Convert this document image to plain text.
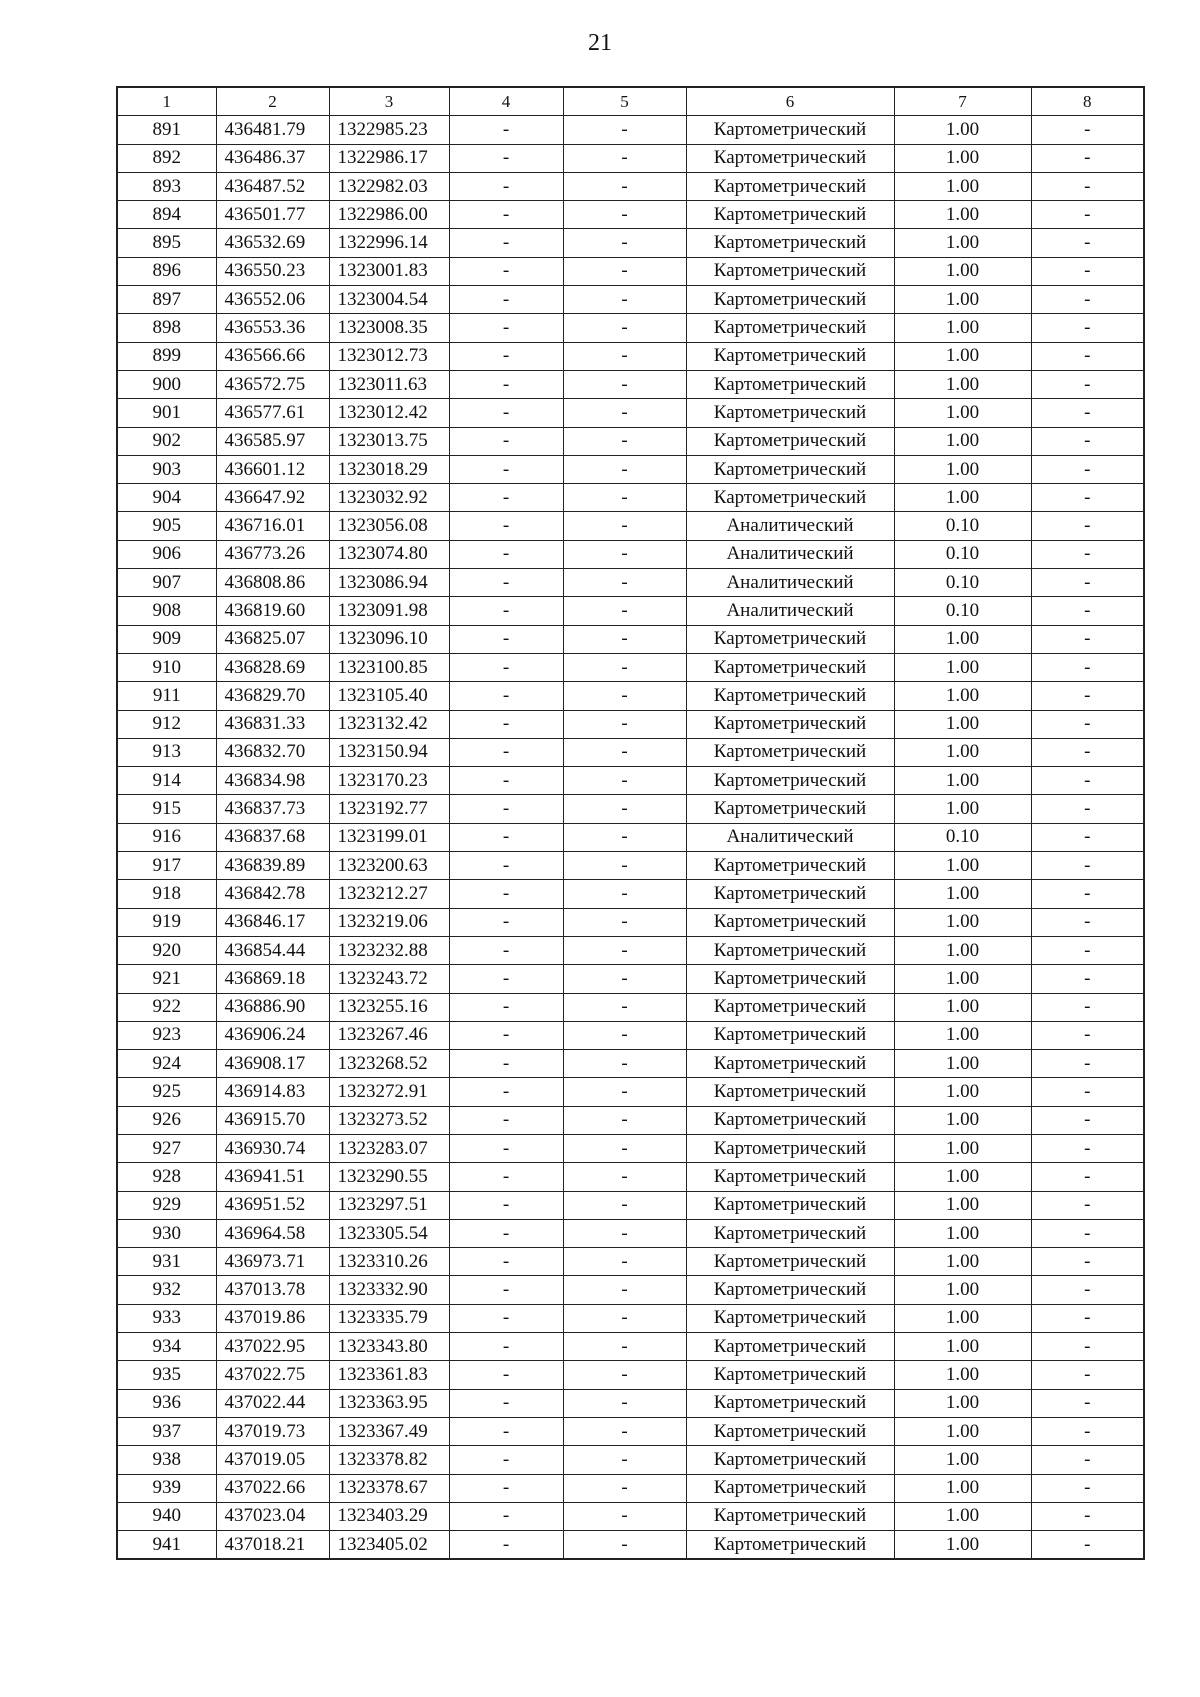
21
1	2	3	4	5	6	7	8
891	436481.79	1322985.23	-	-	Картометрический	1.00	-
892	436486.37	1322986.17	-	-	Картометрический	1.00	-
893	436487.52	1322982.03	-	-	Картометрический	1.00	-
894	436501.77	1322986.00	-	-	Картометрический	1.00	-
895	436532.69	1322996.14	-	-	Картометрический	1.00	-
896	436550.23	1323001.83	-	-	Картометрический	1.00	-
897	436552.06	1323004.54	-	-	Картометрический	1.00	-
898	436553.36	1323008.35	-	-	Картометрический	1.00	-
899	436566.66	1323012.73	-	-	Картометрический	1.00	-
900	436572.75	1323011.63	-	-	Картометрический	1.00	-
901	436577.61	1323012.42	-	-	Картометрический	1.00	-
902	436585.97	1323013.75	-	-	Картометрический	1.00	-
903	436601.12	1323018.29	-	-	Картометрический	1.00	-
904	436647.92	1323032.92	-	-	Картометрический	1.00	-
905	436716.01	1323056.08	-	-	Аналитический	0.10	-
906	436773.26	1323074.80	-	-	Аналитический	0.10	-
907	436808.86	1323086.94	-	-	Аналитический	0.10	-
908	436819.60	1323091.98	-	-	Аналитический	0.10	-
909	436825.07	1323096.10	-	-	Картометрический	1.00	-
910	436828.69	1323100.85	-	-	Картометрический	1.00	-
911	436829.70	1323105.40	-	-	Картометрический	1.00	-
912	436831.33	1323132.42	-	-	Картометрический	1.00	-
913	436832.70	1323150.94	-	-	Картометрический	1.00	-
914	436834.98	1323170.23	-	-	Картометрический	1.00	-
915	436837.73	1323192.77	-	-	Картометрический	1.00	-
916	436837.68	1323199.01	-	-	Аналитический	0.10	-
917	436839.89	1323200.63	-	-	Картометрический	1.00	-
918	436842.78	1323212.27	-	-	Картометрический	1.00	-
919	436846.17	1323219.06	-	-	Картометрический	1.00	-
920	436854.44	1323232.88	-	-	Картометрический	1.00	-
921	436869.18	1323243.72	-	-	Картометрический	1.00	-
922	436886.90	1323255.16	-	-	Картометрический	1.00	-
923	436906.24	1323267.46	-	-	Картометрический	1.00	-
924	436908.17	1323268.52	-	-	Картометрический	1.00	-
925	436914.83	1323272.91	-	-	Картометрический	1.00	-
926	436915.70	1323273.52	-	-	Картометрический	1.00	-
927	436930.74	1323283.07	-	-	Картометрический	1.00	-
928	436941.51	1323290.55	-	-	Картометрический	1.00	-
929	436951.52	1323297.51	-	-	Картометрический	1.00	-
930	436964.58	1323305.54	-	-	Картометрический	1.00	-
931	436973.71	1323310.26	-	-	Картометрический	1.00	-
932	437013.78	1323332.90	-	-	Картометрический	1.00	-
933	437019.86	1323335.79	-	-	Картометрический	1.00	-
934	437022.95	1323343.80	-	-	Картометрический	1.00	-
935	437022.75	1323361.83	-	-	Картометрический	1.00	-
936	437022.44	1323363.95	-	-	Картометрический	1.00	-
937	437019.73	1323367.49	-	-	Картометрический	1.00	-
938	437019.05	1323378.82	-	-	Картометрический	1.00	-
939	437022.66	1323378.67	-	-	Картометрический	1.00	-
940	437023.04	1323403.29	-	-	Картометрический	1.00	-
941	437018.21	1323405.02	-	-	Картометрический	1.00	-
